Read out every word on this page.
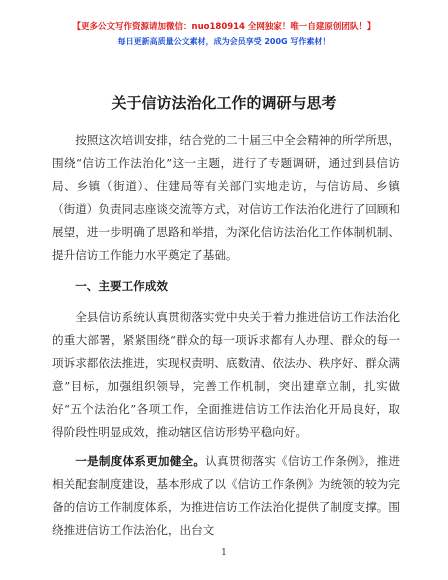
【更多公文写作资源请加微信：nuo180914 全网独家！唯一自建原创团队！】
每日更新高质量公文素材，成为会员享受 200G 写作素材！
关于信访法治化工作的调研与思考

按照这次培训安排，结合党的二十届三中全会精神的所学所思，围绕“信访工作法治化”这一主题，进行了专题调研，通过到县信访局、乡镇（街道）、住建局等有关部门实地走访，与信访局、乡镇（街道）负责同志座谈交流等方式，对信访工作法治化进行了回顾和展望，进一步明确了思路和举措，为深化信访法治化工作体制机制、提升信访工作能力水平奠定了基础。

一、主要工作成效

全县信访系统认真贯彻落实党中央关于着力推进信访工作法治化的重大部署，紧紧围绕“群众的每一项诉求都有人办理、群众的每一项诉求都依法推进，实现权责明、底数清、依法办、秩序好、群众满意”目标，加强组织领导，完善工作机制，突出建章立制，扎实做好“五个法治化”各项工作，全面推进信访工作法治化开局良好，取得阶段性明显成效，推动辖区信访形势平稳向好。

一是制度体系更加健全。认真贯彻落实《信访工作条例》，推进相关配套制度建设，基本形成了以《信访工作条例》为统领的较为完备的信访工作制度体系，为推进信访工作法治化提供了制度支撑。围绕推进信访工作法治化，出台文

1
